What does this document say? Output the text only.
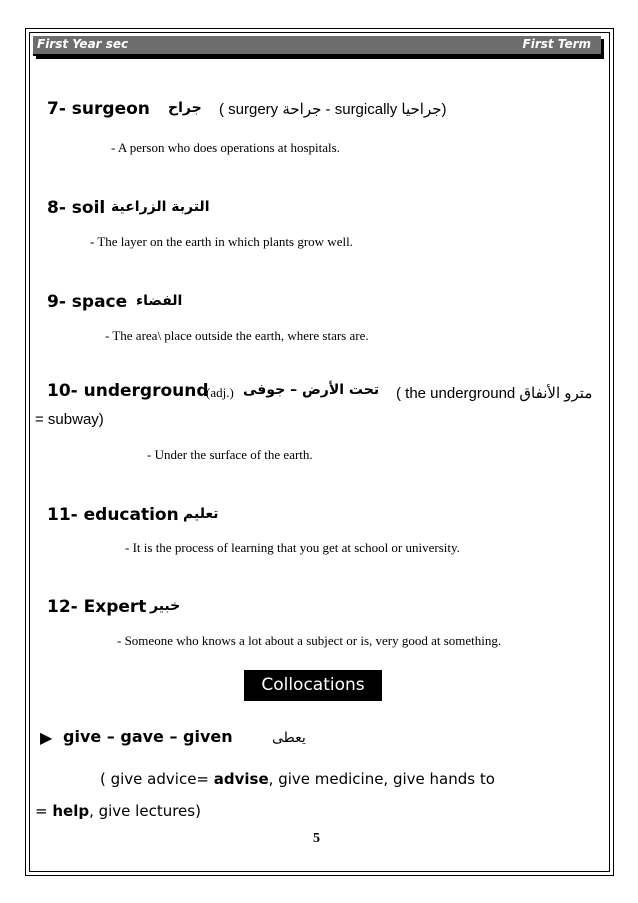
First Year sec	First Term
7- surgeon جراح ( surgery جراحة - surgically جراحيا)
- A person who does operations at hospitals.
8- soil التربة الزراعية
- The layer on the earth in which plants grow well.
9- space الفضاء
- The area\ place outside the earth, where stars are.
10- underground
(adj.) تحت الأرض – جوفى ( the underground مترو الأنفاق
= subway)
- Under the surface of the earth.
11- education تعليم
- It is the process of learning that you get at school or university.
12- Expert خبير
- Someone who knows a lot about a subject or is, very good at something.
Collocations
▶ give – gave – given	يعطى
( give advice= advise, give medicine, give hands to
= help, give lectures)
5
